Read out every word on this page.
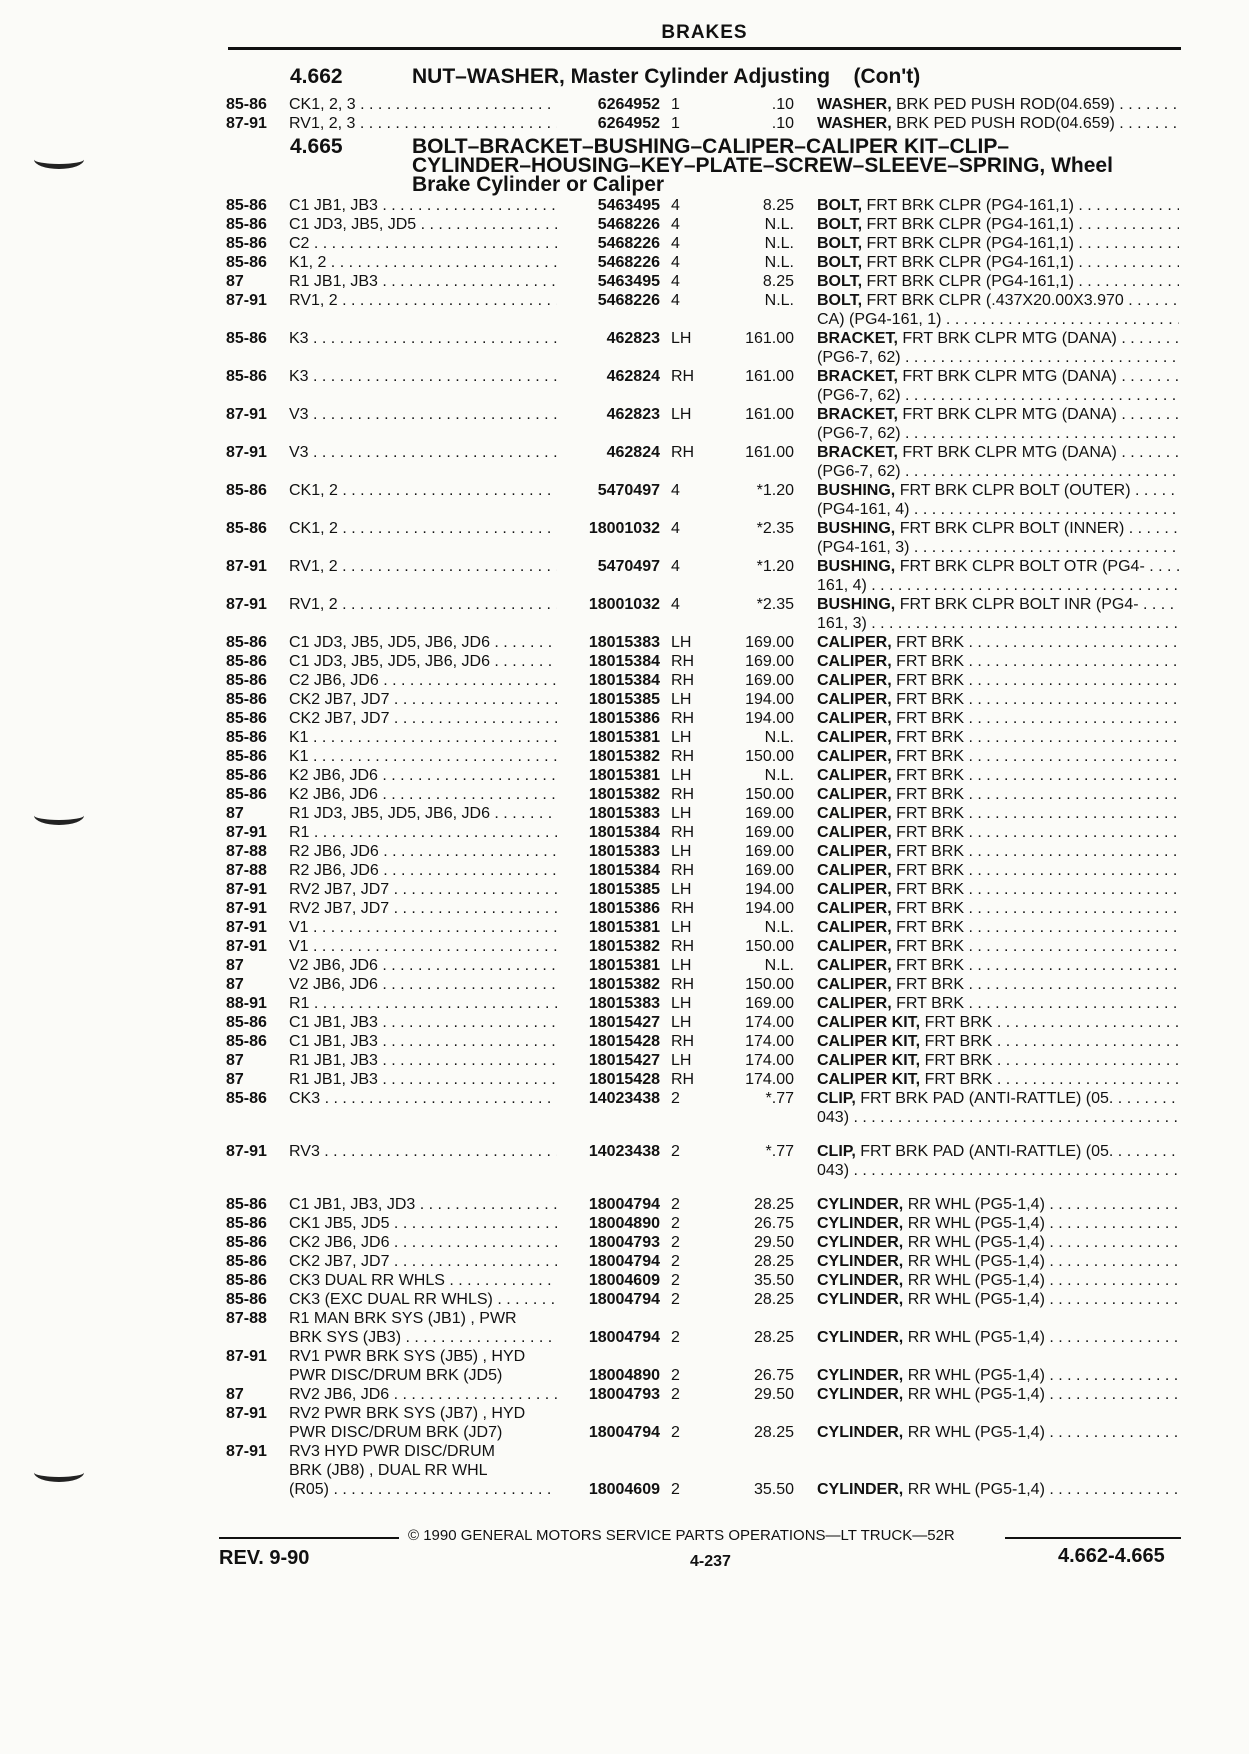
BRAKES
4.662	NUT–WASHER, Master Cylinder Adjusting (Con't)
85-86 CK1, 2, 3 . . .	6264952 1	.10 WASHER, BRK PED PUSH ROD(04.659) . . . . .
87-91 RV1, 2, 3 . . .	6264952 1	.10 WASHER, BRK PED PUSH ROD(04.659) . . . . .
4.665	BOLT–BRACKET–BUSHING–CALIPER–CALIPER KIT–CLIP–
CYLINDER–HOUSING–KEY–PLATE–SCREW–SLEEVE–SPRING, Wheel
Brake Cylinder or Caliper
85-86 C1 JB1, JB3 . . .	5463495 4	8.25 BOLT, FRT BRK CLPR (PG4-161,1) . . .
85-86 C1 JD3, JB5, JD5 . . .	5468226 4	N.L. BOLT, FRT BRK CLPR (PG4-161,1) . . .
85-86 C2 . . .	5468226 4	N.L. BOLT, FRT BRK CLPR (PG4-161,1) . . .
85-86 K1, 2 . . .	5468226 4	N.L. BOLT, FRT BRK CLPR (PG4-161,1) . . .
87	R1 JB1, JB3 . . .	5463495 4	8.25 BOLT, FRT BRK CLPR (PG4-161,1) . . .
87-91 RV1, 2 . . .	5468226 4	N.L. BOLT, FRT BRK CLPR (.437X20.00X3.970 . . .
CA) (PG4-161, 1) . . .
85-86 K3 . . .	462823 LH	161.00 BRACKET, FRT BRK CLPR MTG (DANA) . . .
(PG6-7, 62) . . .
85-86 K3 . . .	462824 RH	161.00 BRACKET, FRT BRK CLPR MTG (DANA) . . .
(PG6-7, 62) . . .
87-91 V3 . . .	462823 LH	161.00 BRACKET, FRT BRK CLPR MTG (DANA) . . .
(PG6-7, 62) . . .
87-91 V3 . . .	462824 RH	161.00 BRACKET, FRT BRK CLPR MTG (DANA) . . .
(PG6-7, 62) . . .
85-86 CK1, 2 . . .	5470497 4	*1.20 BUSHING, FRT BRK CLPR BOLT (OUTER) . . .
(PG4-161, 4) . . .
85-86 CK1, 2 . . .	18001032 4	*2.35 BUSHING, FRT BRK CLPR BOLT (INNER) . . .
(PG4-161, 3) . . .
87-91 RV1, 2 . . .	5470497 4	*1.20 BUSHING, FRT BRK CLPR BOLT OTR (PG4- . . .
161, 4) . . .
87-91 RV1, 2 . . .	18001032 4	*2.35 BUSHING, FRT BRK CLPR BOLT INR (PG4- . . .
161, 3) . . .
85-86 C1 JD3, JB5, JD5, JB6, JD6 . . .	18015383 LH	169.00 CALIPER, FRT BRK . . .
85-86 C1 JD3, JB5, JD5, JB6, JD6 . . .	18015384 RH	169.00 CALIPER, FRT BRK . . .
85-86 C2 JB6, JD6 . . .	18015384 RH	169.00 CALIPER, FRT BRK . . .
85-86 CK2 JB7, JD7 . . .	18015385 LH	194.00 CALIPER, FRT BRK . . .
85-86 CK2 JB7, JD7 . . .	18015386 RH	194.00 CALIPER, FRT BRK . . .
85-86 K1 . . .	18015381 LH	N.L. CALIPER, FRT BRK . . .
85-86 K1 . . .	18015382 RH	150.00 CALIPER, FRT BRK . . .
85-86 K2 JB6, JD6 . . .	18015381 LH	N.L. CALIPER, FRT BRK . . .
85-86 K2 JB6, JD6 . . .	18015382 RH	150.00 CALIPER, FRT BRK . . .
87	R1 JD3, JB5, JD5, JB6, JD6 . . .	18015383 LH	169.00 CALIPER, FRT BRK . . .
87-91 R1 . . .	18015384 RH	169.00 CALIPER, FRT BRK . . .
87-88 R2 JB6, JD6 . . .	18015383 LH	169.00 CALIPER, FRT BRK . . .
87-88 R2 JB6, JD6 . . .	18015384 RH	169.00 CALIPER, FRT BRK . . .
87-91 RV2 JB7, JD7 . . .	18015385 LH	194.00 CALIPER, FRT BRK . . .
87-91 RV2 JB7, JD7 . . .	18015386 RH	194.00 CALIPER, FRT BRK . . .
87-91 V1 . . .	18015381 LH	N.L. CALIPER, FRT BRK . . .
87-91 V1 . . .	18015382 RH	150.00 CALIPER, FRT BRK . . .
87	V2 JB6, JD6 . . .	18015381 LH	N.L. CALIPER, FRT BRK . . .
87	V2 JB6, JD6 . . .	18015382 RH	150.00 CALIPER, FRT BRK . . .
88-91 R1 . . .	18015383 LH	169.00 CALIPER, FRT BRK . . .
85-86 C1 JB1, JB3 . . .	18015427 LH	174.00 CALIPER KIT, FRT BRK . . .
85-86 C1 JB1, JB3 . . .	18015428 RH	174.00 CALIPER KIT, FRT BRK . . .
87	R1 JB1, JB3 . . .	18015427 LH	174.00 CALIPER KIT, FRT BRK . . .
87	R1 JB1, JB3 . . .	18015428 RH	174.00 CALIPER KIT, FRT BRK . . .
85-86 CK3 . . .	14023438 2	*.77 CLIP, FRT BRK PAD (ANTI-RATTLE) (05. . . .
043) . . .
87-91 RV3 . . .	14023438 2	*.77 CLIP, FRT BRK PAD (ANTI-RATTLE) (05. . . .
043) . . .
85-86 C1 JB1, JB3, JD3 . . .	18004794 2	28.25 CYLINDER, RR WHL (PG5-1,4) . . .
85-86 CK1 JB5, JD5 . . .	18004890 2	26.75 CYLINDER, RR WHL (PG5-1,4) . . .
85-86 CK2 JB6, JD6 . . .	18004793 2	29.50 CYLINDER, RR WHL (PG5-1,4) . . .
85-86 CK2 JB7, JD7 . . .	18004794 2	28.25 CYLINDER, RR WHL (PG5-1,4) . . .
85-86 CK3 DUAL RR WHLS . . .	18004609 2	35.50 CYLINDER, RR WHL (PG5-1,4) . . .
85-86 CK3 (EXC DUAL RR WHLS) . . .	18004794 2	28.25 CYLINDER, RR WHL (PG5-1,4) . . .
87-88 R1 MAN BRK SYS (JB1) , PWR
BRK SYS (JB3) . . .	18004794 2	28.25 CYLINDER, RR WHL (PG5-1,4) . . .
87-91 RV1 PWR BRK SYS (JB5) , HYD
PWR DISC/DRUM BRK (JD5)	18004890 2	26.75 CYLINDER, RR WHL (PG5-1,4) . . .
87	RV2 JB6, JD6 . . .	18004793 2	29.50 CYLINDER, RR WHL (PG5-1,4) . . .
87-91 RV2 PWR BRK SYS (JB7) , HYD
PWR DISC/DRUM BRK (JD7)	18004794 2	28.25 CYLINDER, RR WHL (PG5-1,4) . . .
87-91 RV3 HYD PWR DISC/DRUM
BRK (JB8) , DUAL RR WHL
(R05) . . .	18004609 2	35.50 CYLINDER, RR WHL (PG5-1,4) . . .
© 1990 GENERAL MOTORS SERVICE PARTS OPERATIONS—LT TRUCK—52R
REV. 9-90	4-237	4.662-4.665
